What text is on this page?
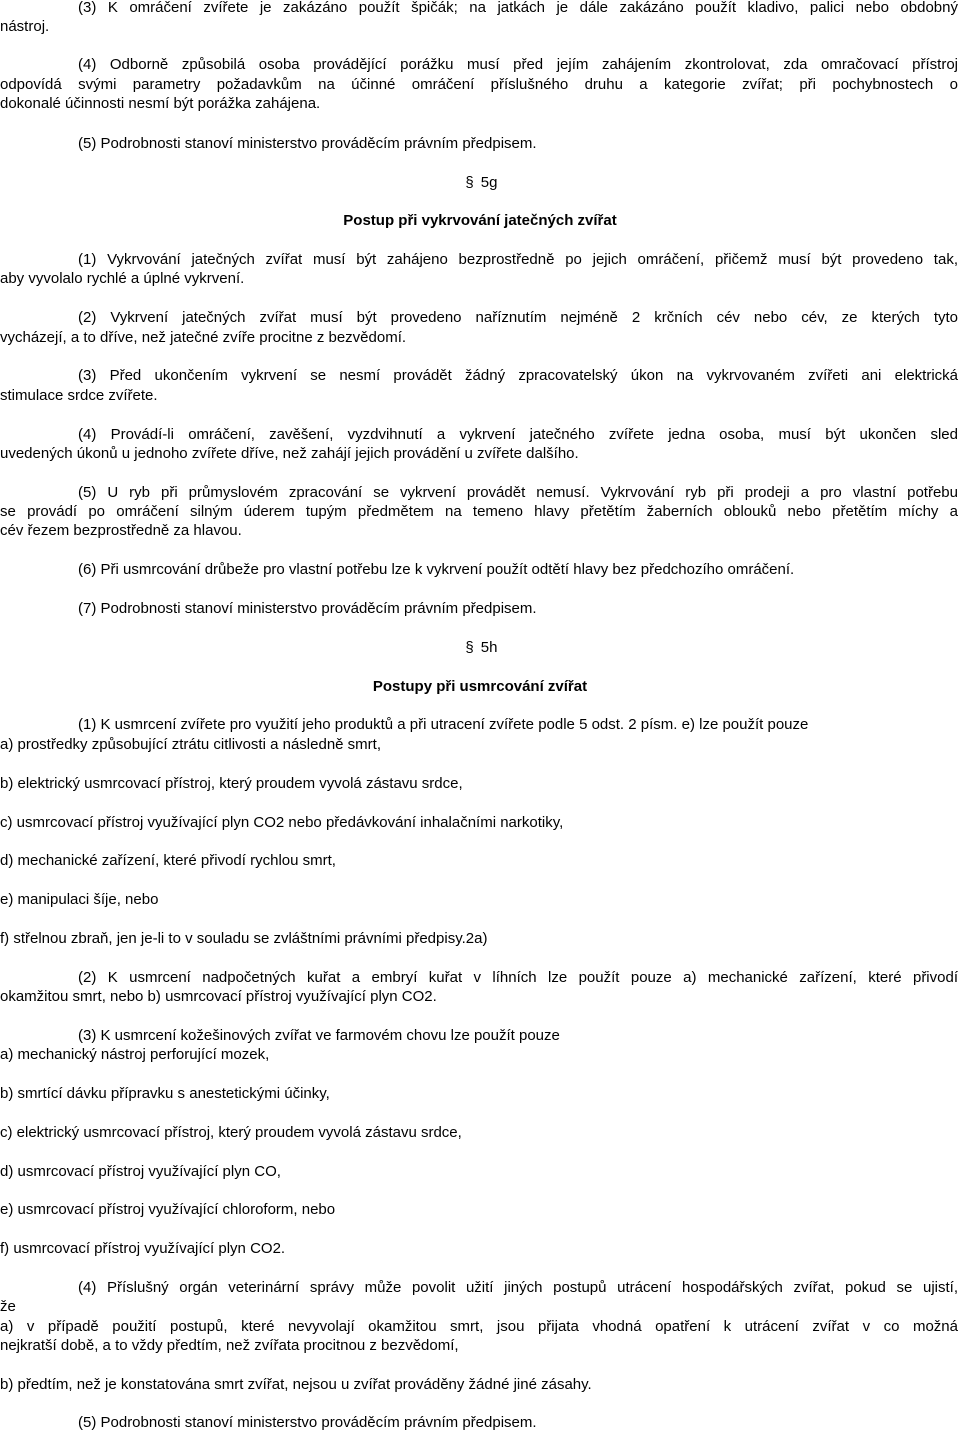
(3) K omráčení zvířete je zakázáno použít špičák; na jatkách je dále zakázáno použít kladivo, palici nebo obdobný
nástroj.
(4) Odborně způsobilá osoba provádějící porážku musí před jejím zahájením zkontrolovat, zda omračovací přístroj
odpovídá svými parametry požadavkům na účinné omráčení příslušného druhu a kategorie zvířat; při pochybnostech o
dokonalé účinnosti nesmí být porážka zahájena.
(5) Podrobnosti stanoví ministerstvo prováděcím právním předpisem.
§ 5g
Postup při vykrvování jatečných zvířat
(1) Vykrvování jatečných zvířat musí být zahájeno bezprostředně po jejich omráčení, přičemž musí být provedeno tak,
aby vyvolalo rychlé a úplné vykrvení.
(2) Vykrvení jatečných zvířat musí být provedeno naříznutím nejméně 2 krčních cév nebo cév, ze kterých tyto
vycházejí, a to dříve, než jatečné zvíře procitne z bezvědomí.
(3) Před ukončením vykrvení se nesmí provádět žádný zpracovatelský úkon na vykrvovaném zvířeti ani elektrická
stimulace srdce zvířete.
(4) Provádí-li omráčení, zavěšení, vyzdvihnutí a vykrvení jatečného zvířete jedna osoba, musí být ukončen sled
uvedených úkonů u jednoho zvířete dříve, než zahájí jejich provádění u zvířete dalšího.
(5) U ryb při průmyslovém zpracování se vykrvení provádět nemusí. Vykrvování ryb při prodeji a pro vlastní potřebu
se provádí po omráčení silným úderem tupým předmětem na temeno hlavy přetětím žaberních oblouků nebo přetětím míchy a
cév řezem bezprostředně za hlavou.
(6) Při usmrcování drůbeže pro vlastní potřebu lze k vykrvení použít odtětí hlavy bez předchozího omráčení.
(7) Podrobnosti stanoví ministerstvo prováděcím právním předpisem.
§ 5h
Postupy při usmrcování zvířat
(1) K usmrcení zvířete pro využití jeho produktů a při utracení zvířete podle 5 odst. 2 písm. e) lze použít pouze
a) prostředky způsobující ztrátu citlivosti a následně smrt,
b) elektrický usmrcovací přístroj, který proudem vyvolá zástavu srdce,
c) usmrcovací přístroj využívající plyn CO2 nebo předávkování inhalačními narkotiky,
d) mechanické zařízení, které přivodí rychlou smrt,
e) manipulaci šíje, nebo
f) střelnou zbraň, jen je-li to v souladu se zvláštními právními předpisy.2a)
(2) K usmrcení nadpočetných kuřat a embryí kuřat v líhních lze použít pouze a) mechanické zařízení, které přivodí
okamžitou smrt, nebo b) usmrcovací přístroj využívající plyn CO2.
(3) K usmrcení kožešinových zvířat ve farmovém chovu lze použít pouze
a) mechanický nástroj perforující mozek,
b) smrtící dávku přípravku s anestetickými účinky,
c) elektrický usmrcovací přístroj, který proudem vyvolá zástavu srdce,
d) usmrcovací přístroj využívající plyn CO,
e) usmrcovací přístroj využívající chloroform, nebo
f) usmrcovací přístroj využívající plyn CO2.
(4) Příslušný orgán veterinární správy může povolit užití jiných postupů utrácení hospodářských zvířat, pokud se ujistí,
že
a) v případě použití postupů, které nevyvolají okamžitou smrt, jsou přijata vhodná opatření k utrácení zvířat v co možná
nejkratší době, a to vždy předtím, než zvířata procitnou z bezvědomí,
b) předtím, než je konstatována smrt zvířat, nejsou u zvířat prováděny žádné jiné zásahy.
(5) Podrobnosti stanoví ministerstvo prováděcím právním předpisem.
